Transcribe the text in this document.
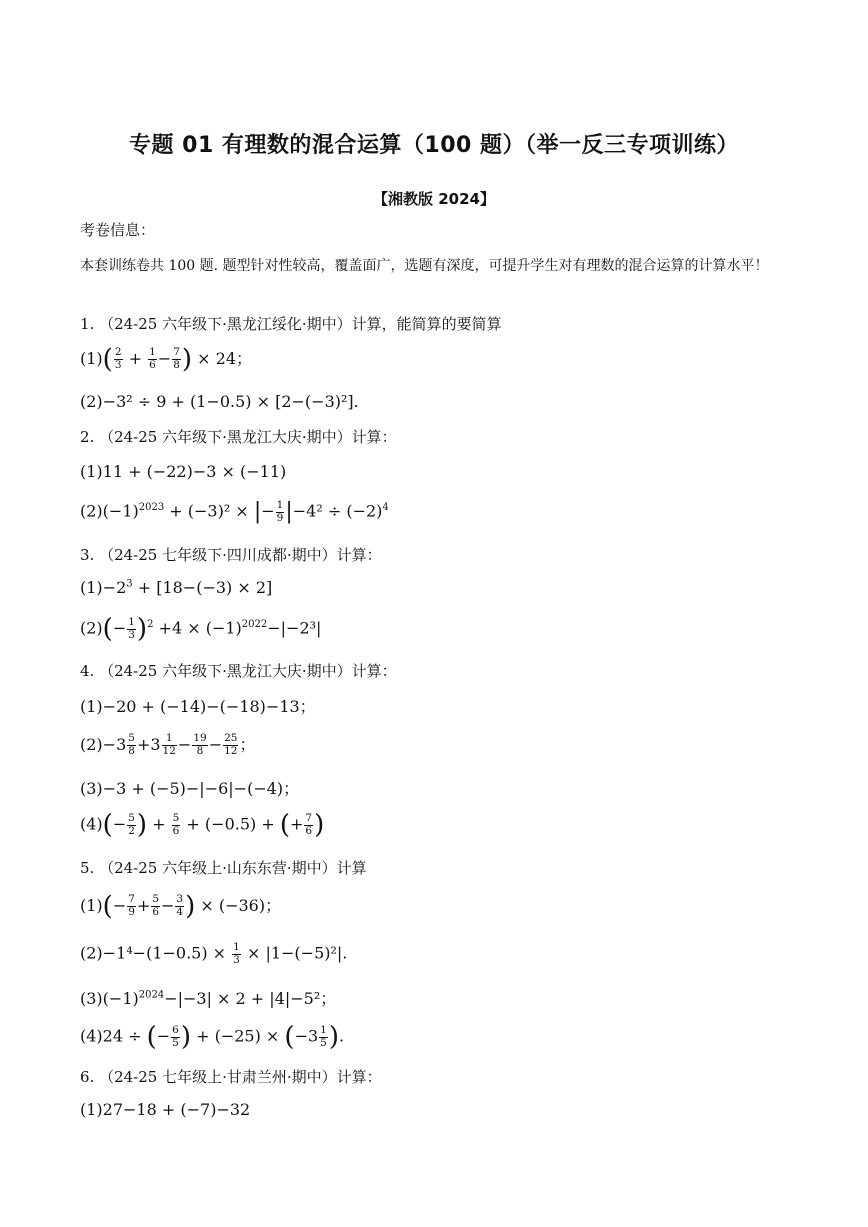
专题 01 有理数的混合运算（100 题）（举一反三专项训练）
【湘教版 2024】
考卷信息：
本套训练卷共 100 题. 题型针对性较高，覆盖面广，选题有深度，可提升学生对有理数的混合运算的计算水平！
1. （24-25 六年级下·黑龙江绥化·期中）计算，能简算的要简算
$(1)( \frac{2}{3} + \frac{1}{6} - \frac{7}{8}$ ) × 24；
(2)−3² ÷ 9 + (1−0.5) × [2−(−3)²].
2. （24-25 六年级下·黑龙江大庆·期中）计算：
(1)11 + (−22)−3 × (−11)
$(2)(-1)^{2023} + (-3)^2$ × |− $\frac{1}{9} |-4^2 \div (-2)^4$
3. （24-25 七年级下·四川成都·期中）计算：
$(1)-2^3 + [18-(-3) \times 2]$
$(2)(- \frac{1}{3} )^2 +4 \times (-1)^{2022}-|-2^3|$
4. （24-25 六年级下·黑龙江大庆·期中）计算：
(1)−20 + (−14)−(−18)−13；
$(2)-3 \frac{5}{8} +3 \frac{1}{12} - \frac{19}{8} - \frac{25}{12}$ ；
(3)−3 + (−5)−|−6|−(−4)；
$(4)(- \frac{5}{2}$ ) + $\frac{5}{6} + (-0.5)$ + (+ $\frac{7}{6}$ )
5. （24-25 六年级上·山东东营·期中）计算
$(1)(- \frac{7}{9} + \frac{5}{6} - \frac{3}{4}$ ) × (−36)；
$(2)-1^4-(1-0.5) \times \frac{1}{3} \times |1-(-5)^2|$.
$(3)(-1)^{2024}-|-3| \times 2 + |4|-5^2$；
(4)24 ÷ (− $\frac{6}{5}$ ) + $(-25) \times (-3 \frac{1}{5}$ ).
6. （24-25 七年级上·甘肃兰州·期中）计算：
(1)27−18 + (−7)−32
